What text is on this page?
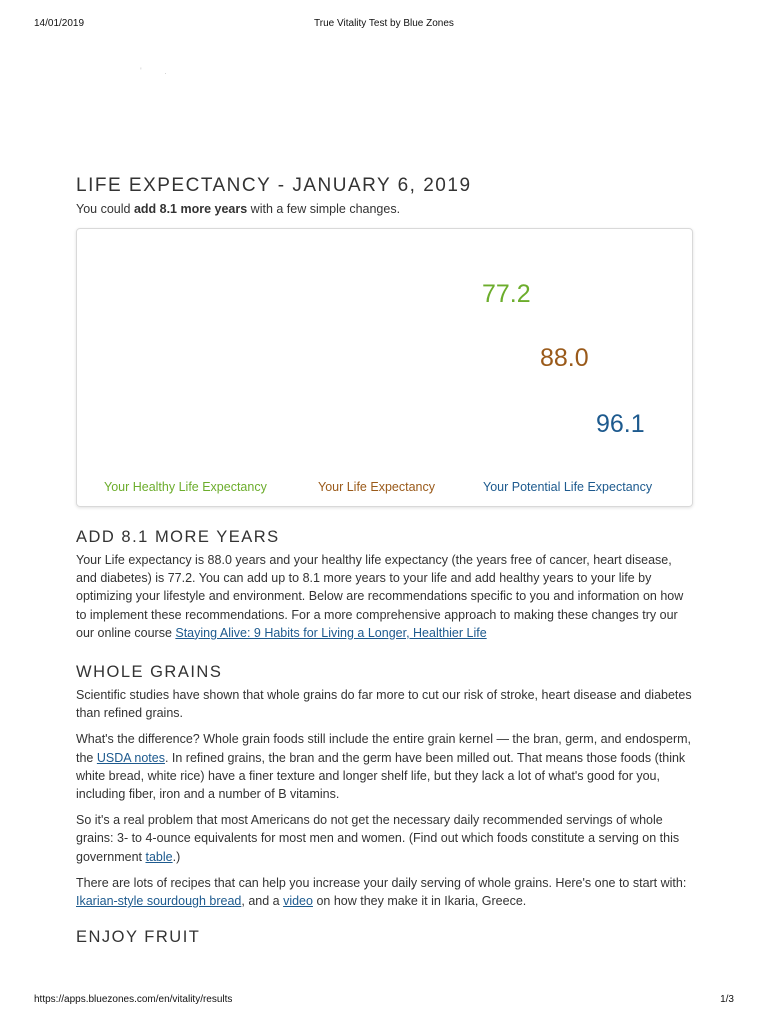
14/01/2019	True Vitality Test by Blue Zones
' .
LIFE EXPECTANCY - JANUARY 6, 2019
You could add 8.1 more years with a few simple changes.
77.2
88.0
96.1
Your Healthy Life Expectancy	Your Life Expectancy	Your Potential Life Expectancy
ADD 8.1 MORE YEARS

Your Life expectancy is 88.0 years and your healthy life expectancy (the years free of cancer, heart disease, and diabetes) is 77.2. You can add up to 8.1 more years to your life and add healthy years to your life by optimizing your lifestyle and environment. Below are recommendations specific to you and information on how to implement these recommendations. For a more comprehensive approach to making these changes try our our online course Staying Alive: 9 Habits for Living a Longer, Healthier Life

WHOLE GRAINS

Scientific studies have shown that whole grains do far more to cut our risk of stroke, heart disease and diabetes than refined grains.

What's the difference? Whole grain foods still include the entire grain kernel — the bran, germ, and endosperm, the USDA notes. In refined grains, the bran and the germ have been milled out. That means those foods (think white bread, white rice) have a finer texture and longer shelf life, but they lack a lot of what's good for you, including fiber, iron and a number of B vitamins.

So it's a real problem that most Americans do not get the necessary daily recommended servings of whole grains: 3- to 4-ounce equivalents for most men and women. (Find out which foods constitute a serving on this government table.)

There are lots of recipes that can help you increase your daily serving of whole grains. Here's one to start with: Ikarian-style sourdough bread, and a video on how they make it in Ikaria, Greece.

ENJOY FRUIT
https://apps.bluezones.com/en/vitality/results	1/3
